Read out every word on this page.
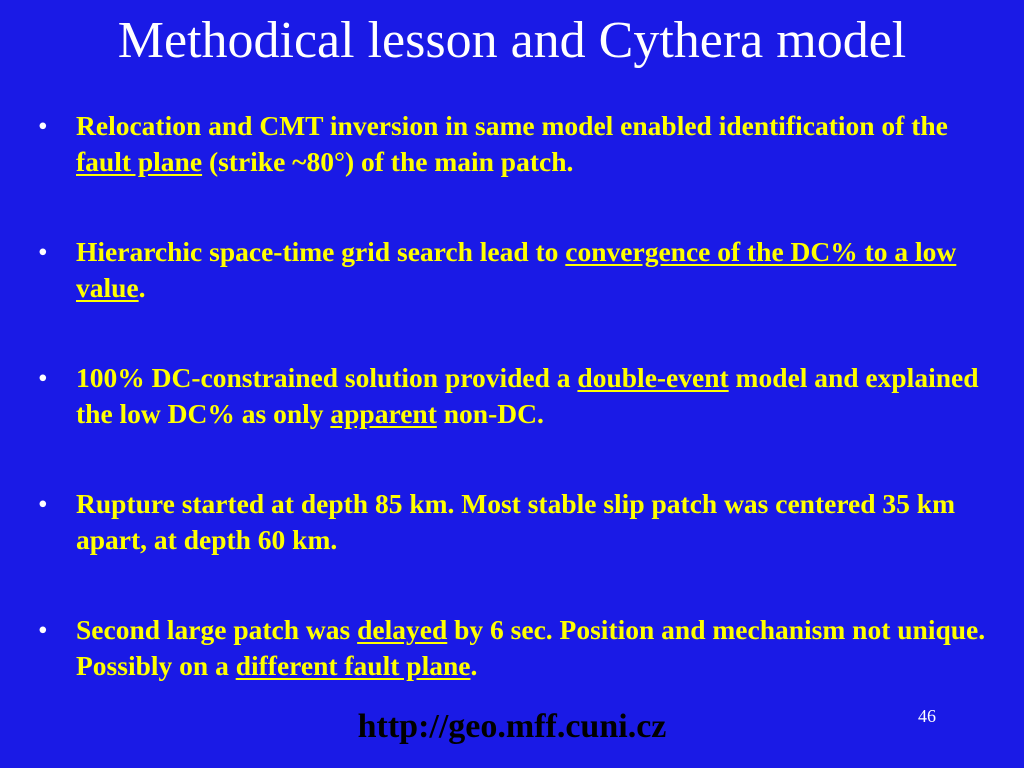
Methodical lesson and Cythera model
• Relocation and CMT inversion in same model enabled identification of the fault plane (strike ~80°) of the main patch.
• Hierarchic space-time grid search lead to convergence of the DC% to a low value.
• 100% DC-constrained solution provided a double-event model and explained the low DC% as only apparent non-DC.
• Rupture started at depth 85 km. Most stable slip patch was centered 35 km apart, at depth 60 km.
• Second large patch was delayed by 6 sec. Position and mechanism not unique. Possibly on a different fault plane.
46
http://geo.mff.cuni.cz
